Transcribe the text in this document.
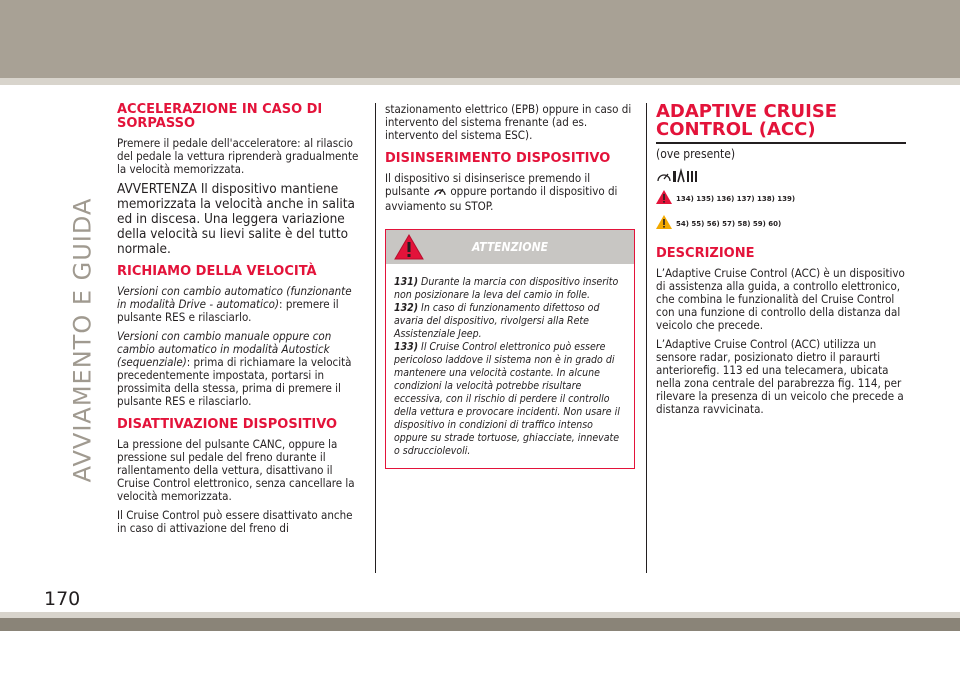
AVVIAMENTO E GUIDA
170
ACCELERAZIONE IN CASO DI SORPASSO
Premere il pedale dell'acceleratore: al rilascio del pedale la vettura riprenderà gradualmente la velocità memorizzata.
AVVERTENZA Il dispositivo mantiene memorizzata la velocità anche in salita ed in discesa. Una leggera variazione della velocità su lievi salite è del tutto normale.
RICHIAMO DELLA VELOCITÀ
Versioni con cambio automatico (funzionante in modalità Drive - automatico): premere il pulsante RES e rilasciarlo.
Versioni con cambio manuale oppure con cambio automatico in modalità Autostick (sequenziale): prima di richiamare la velocità precedentemente impostata, portarsi in prossimita della stessa, prima di premere il pulsante RES e rilasciarlo.
DISATTIVAZIONE DISPOSITIVO
La pressione del pulsante CANC, oppure la pressione sul pedale del freno durante il rallentamento della vettura, disattivano il Cruise Control elettronico, senza cancellare la velocità memorizzata.
Il Cruise Control può essere disattivato anche in caso di attivazione del freno di
stazionamento elettrico (EPB) oppure in caso di intervento del sistema frenante (ad es. intervento del sistema ESC).
DISINSERIMENTO DISPOSITIVO
Il dispositivo si disinserisce premendo il pulsante oppure portando il dispositivo di avviamento su STOP.
ATTENZIONE

131) Durante la marcia con dispositivo inserito non posizionare la leva del camio in folle.

132) In caso di funzionamento difettoso od avaria del dispositivo, rivolgersi alla Rete Assistenziale Jeep.

133) Il Cruise Control elettronico può essere pericoloso laddove il sistema non è in grado di mantenere una velocità costante. In alcune condizioni la velocità potrebbe risultare eccessiva, con il rischio di perdere il controllo della vettura e provocare incidenti. Non usare il dispositivo in condizioni di traffico intenso oppure su strade tortuose, ghiacciate, innevate o sdrucciolevoli.

ADAPTIVE CRUISE
CONTROL (ACC)
(ove presente)
134) 135) 136) 137) 138) 139)
54) 55) 56) 57) 58) 59) 60)
DESCRIZIONE
L’Adaptive Cruise Control (ACC) è un dispositivo di assistenza alla guida, a controllo elettronico, che combina le funzionalità del Cruise Control con una funzione di controllo della distanza dal veicolo che precede.
L’Adaptive Cruise Control (ACC) utilizza un sensore radar, posizionato dietro il paraurti anteriorefig. 113 ed una telecamera, ubicata nella zona centrale del parabrezza fig. 114, per rilevare la presenza di un veicolo che precede a distanza ravvicinata.
